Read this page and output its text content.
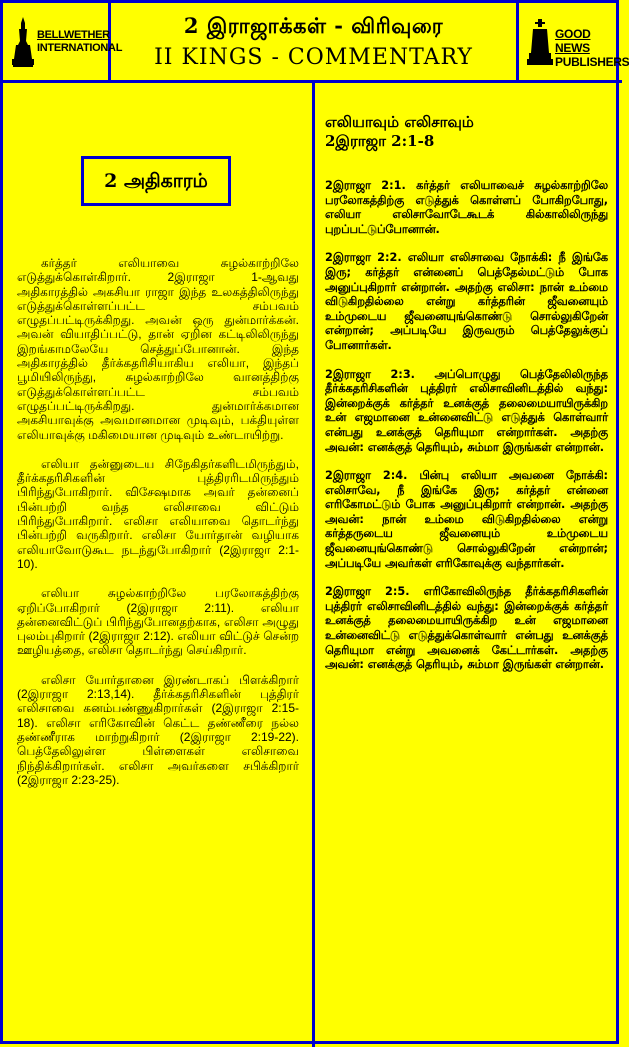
BELLWETHER
INTERNATIONAL
2 இராஜாக்கள் - விரிவுரை
II KINGS - COMMENTARY
GOOD NEWS
PUBLISHERS
2 அதிகாரம்

கர்த்தர் எலியாவை சுழல்காற்றிலே எடுத்துக்கொள்கிறார். 2இராஜா 1-ஆவது அதிகாரத்தில் அகசியா ராஜா இந்த உலகத்திலிருந்து எடுத்துக்கொள்ளப்பட்ட சம்பவம் எழுதப்பட்டிருக்கிறது. அவன் ஒரு துன்மார்க்கன். அவன் வியாதிப்பட்டு, தான் ஏறின கட்டிலிலிருந்து இறங்காமலேயே செத்துப்போனான். இந்த அதிகாரத்தில் தீர்க்கதரிசியாகிய எலியா, இந்தப் பூமியிலிருந்து, சுழல்காற்றிலே வானத்திற்கு எடுத்துக்கொள்ளப்பட்ட சம்பவம் எழுதப்பட்டிருக்கிறது. துன்மார்க்கமான அகசியாவுக்கு அவமானமான முடிவும், பக்தியுள்ள எலியாவுக்கு மகிமையான முடிவும் உண்டாயிற்று.

எலியா தன்னுடைய சிநேகிதர்களிடமிருந்தும், தீர்க்கதரிசிகளின் புத்திரரிடமிருந்தும் பிரிந்துபோகிறார். விசேஷமாக அவர் தன்னைப் பின்பற்றி வந்த எலிசாவை விட்டும் பிரிந்துபோகிறார். எலிசா எலியாவை தொடர்ந்து பின்பற்றி வருகிறார். எலிசா யோர்தான் வழியாக எலியாவோடுகூட நடந்துபோகிறார் (2இராஜா 2:1-10).

எலியா சுழல்காற்றிலே பரலோகத்திற்கு ஏறிப்போகிறார் (2இராஜா 2:11). எலியா தன்னைவிட்டுப் பிரிந்துபோனதற்காக, எலிசா அழுது புலம்புகிறார் (2இராஜா 2:12). எலியா விட்டுச் சென்ற ஊழியத்தை, எலிசா தொடர்ந்து செய்கிறார்.

எலிசா யோர்தானை இரண்டாகப் பிளக்கிறார் (2இராஜா 2:13,14). தீர்க்கதரிசிகளின் புத்திரர் எலிசாவை கனம்பண்ணுகிறார்கள் (2இராஜா 2:15-18). எலிசா எரிகோவின் கெட்ட தண்ணீரை நல்ல தண்ணீராக மாற்றுகிறார் (2இராஜா 2:19-22). பெத்தேலிலுள்ள பிள்ளைகள் எலிசாவை நிந்திக்கிறார்கள். எலிசா அவர்களை சபிக்கிறார் (2இராஜா 2:23-25).

எலியாவும் எலிசாவும்
2இராஜா 2:1-8

2இராஜா 2:1. கர்த்தர் எலியாவைச் சுழல்காற்றிலே பரலோகத்திற்கு எடுத்துக் கொள்ளப் போகிறபோது, எலியா எலிசாவோடேகூடக் கில்காலிலிருந்து புறப்பட்டுப்போனான்.

2இராஜா 2:2. எலியா எலிசாவை நோக்கி: நீ இங்கே இரு; கர்த்தர் என்னைப் பெத்தேல்மட்டும் போக அனுப்புகிறார் என்றான். அதற்கு எலிசா: நான் உம்மை விடுகிறதில்லை என்று கர்த்தரின் ஜீவனையும் உம்முடைய ஜீவனையுங்கொண்டு சொல்லுகிறேன் என்றான்; அப்படியே இருவரும் பெத்தேலுக்குப் போனார்கள்.

2இராஜா 2:3. அப்பொழுது பெத்தேலிலிருந்த தீர்க்கதரிசிகளின் புத்திரர் எலிசாவினிடத்தில் வந்து: இன்றைக்குக் கர்த்தர் உனக்குத் தலைமையாயிருக்கிற உன் எஜமானை உன்னைவிட்டு எடுத்துக் கொள்வார் என்பது உனக்குத் தெரியுமா என்றார்கள். அதற்கு அவன்: எனக்குத் தெரியும், சும்மா இருங்கள் என்றான்.

2இராஜா 2:4. பின்பு எலியா அவனை நோக்கி: எலிசாவே, நீ இங்கே இரு; கர்த்தர் என்னை எரிகோமட்டும் போக அனுப்புகிறார் என்றான். அதற்கு அவன்: நான் உம்மை விடுகிறதில்லை என்று கர்த்தருடைய ஜீவனையும் உம்முடைய ஜீவனையுங்கொண்டு சொல்லுகிறேன் என்றான்; அப்படியே அவர்கள் எரிகோவுக்கு வந்தார்கள்.

2இராஜா 2:5. எரிகோவிலிருந்த தீர்க்கதரிசிகளின் புத்திரர் எலிசாவினிடத்தில் வந்து: இன்றைக்குக் கர்த்தர் உனக்குத் தலைமையாயிருக்கிற உன் எஜமானை உன்னைவிட்டு எடுத்துக்கொள்வார் என்பது உனக்குத் தெரியுமா என்று அவனைக் கேட்டார்கள். அதற்கு அவன்: எனக்குத் தெரியும், சும்மா இருங்கள் என்றான்.
